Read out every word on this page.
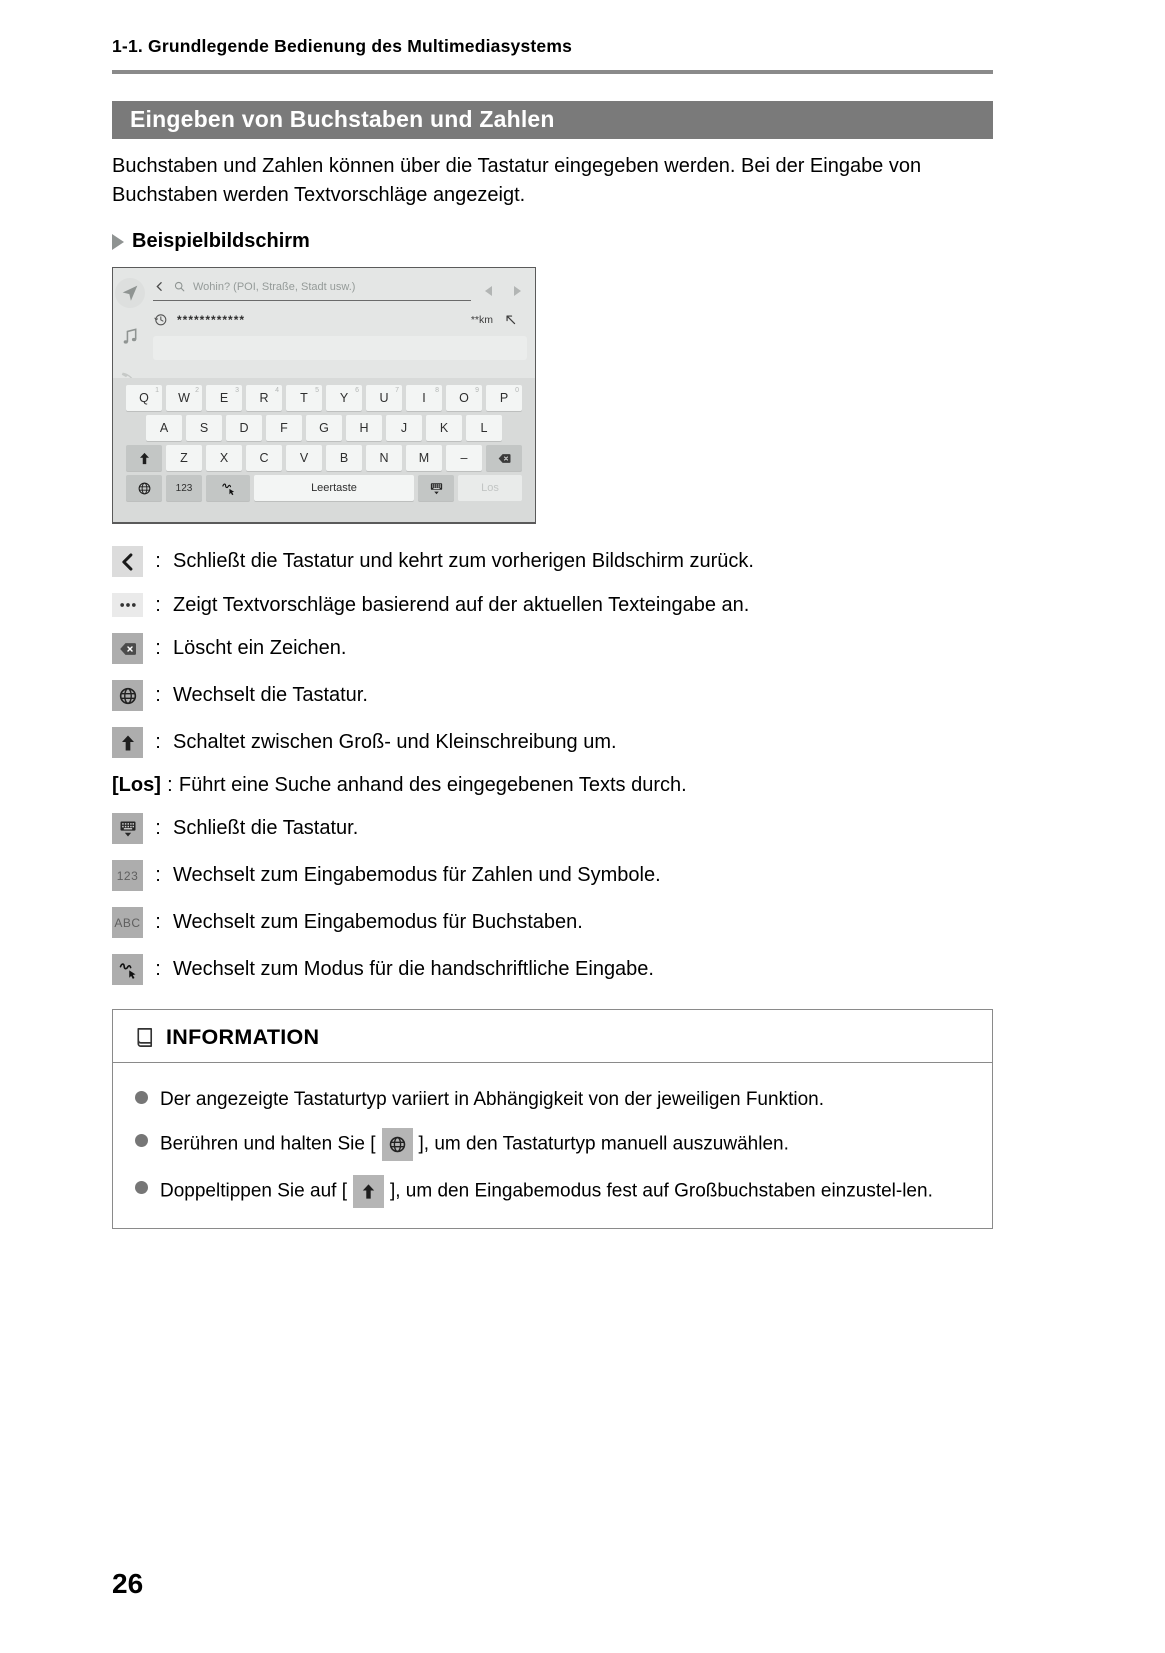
1-1. Grundlegende Bedienung des Multimediasystems
Eingeben von Buchstaben und Zahlen

Buchstaben und Zahlen können über die Tastatur eingegeben werden. Bei der Eingabe von Buchstaben werden Textvorschläge angezeigt.

Beispielbildschirm
Wohin? (POI, Straße, Stadt usw.)
************	**km
Q
1
W
2
E
3
R
4
T
5
Y
6
U
7
I
8
O
9
P
0
A	S	D	F	G H	J	K	L
Z	X	C	V	B	N M	–
123	Leertaste	Los
: Schließt die Tastatur und kehrt zum vorherigen Bildschirm zurück.
: Zeigt Textvorschläge basierend auf der aktuellen Texteingabe an.
: Löscht ein Zeichen.
: Wechselt die Tastatur.
: Schaltet zwischen Groß- und Kleinschreibung um.
[Los] : Führt eine Suche anhand des eingegebenen Texts durch.
: Schließt die Tastatur.
123 : Wechselt zum Eingabemodus für Zahlen und Symbole.
ABC : Wechselt zum Eingabemodus für Buchstaben.
: Wechselt zum Modus für die handschriftliche Eingabe.
INFORMATION

Der angezeigte Tastaturtyp variiert in Abhängigkeit von der jeweiligen Funktion.

Berühren und halten Sie [ ], um den Tastaturtyp manuell auszuwählen.

Doppeltippen Sie auf [ ], um den Eingabemodus fest auf Großbuchstaben einzustel-len.

26
